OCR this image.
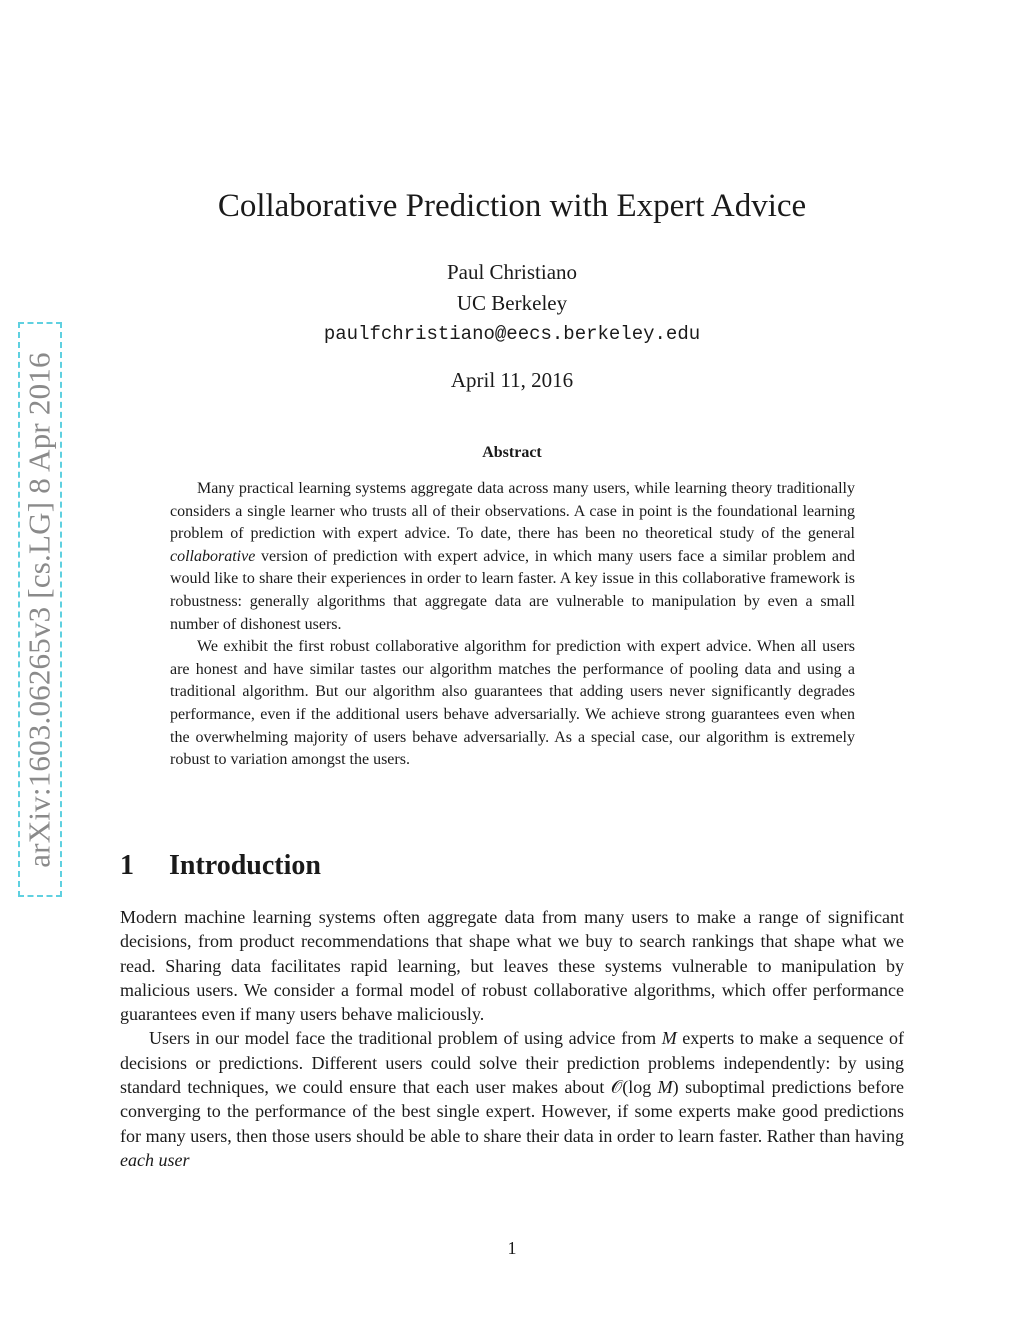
arXiv:1603.06265v3 [cs.LG] 8 Apr 2016
Collaborative Prediction with Expert Advice
Paul Christiano
UC Berkeley
paulfchristiano@eecs.berkeley.edu
April 11, 2016
Abstract

Many practical learning systems aggregate data across many users, while learning theory traditionally considers a single learner who trusts all of their observations. A case in point is the foundational learning problem of prediction with expert advice. To date, there has been no theoretical study of the general collaborative version of prediction with expert advice, in which many users face a similar problem and would like to share their experiences in order to learn faster. A key issue in this collaborative framework is robustness: generally algorithms that aggregate data are vulnerable to manipulation by even a small number of dishonest users.

We exhibit the first robust collaborative algorithm for prediction with expert advice. When all users are honest and have similar tastes our algorithm matches the performance of pooling data and using a traditional algorithm. But our algorithm also guarantees that adding users never significantly degrades performance, even if the additional users behave adversarially. We achieve strong guarantees even when the overwhelming majority of users behave adversarially. As a special case, our algorithm is extremely robust to variation amongst the users.

1 Introduction

Modern machine learning systems often aggregate data from many users to make a range of significant decisions, from product recommendations that shape what we buy to search rankings that shape what we read. Sharing data facilitates rapid learning, but leaves these systems vulnerable to manipulation by malicious users. We consider a formal model of robust collaborative algorithms, which offer performance guarantees even if many users behave maliciously.

Users in our model face the traditional problem of using advice from M experts to make a sequence of decisions or predictions. Different users could solve their prediction problems independently: by using standard techniques, we could ensure that each user makes about 𝒪(log M) suboptimal predictions before converging to the performance of the best single expert. However, if some experts make good predictions for many users, then those users should be able to share their data in order to learn faster. Rather than having each user

1
